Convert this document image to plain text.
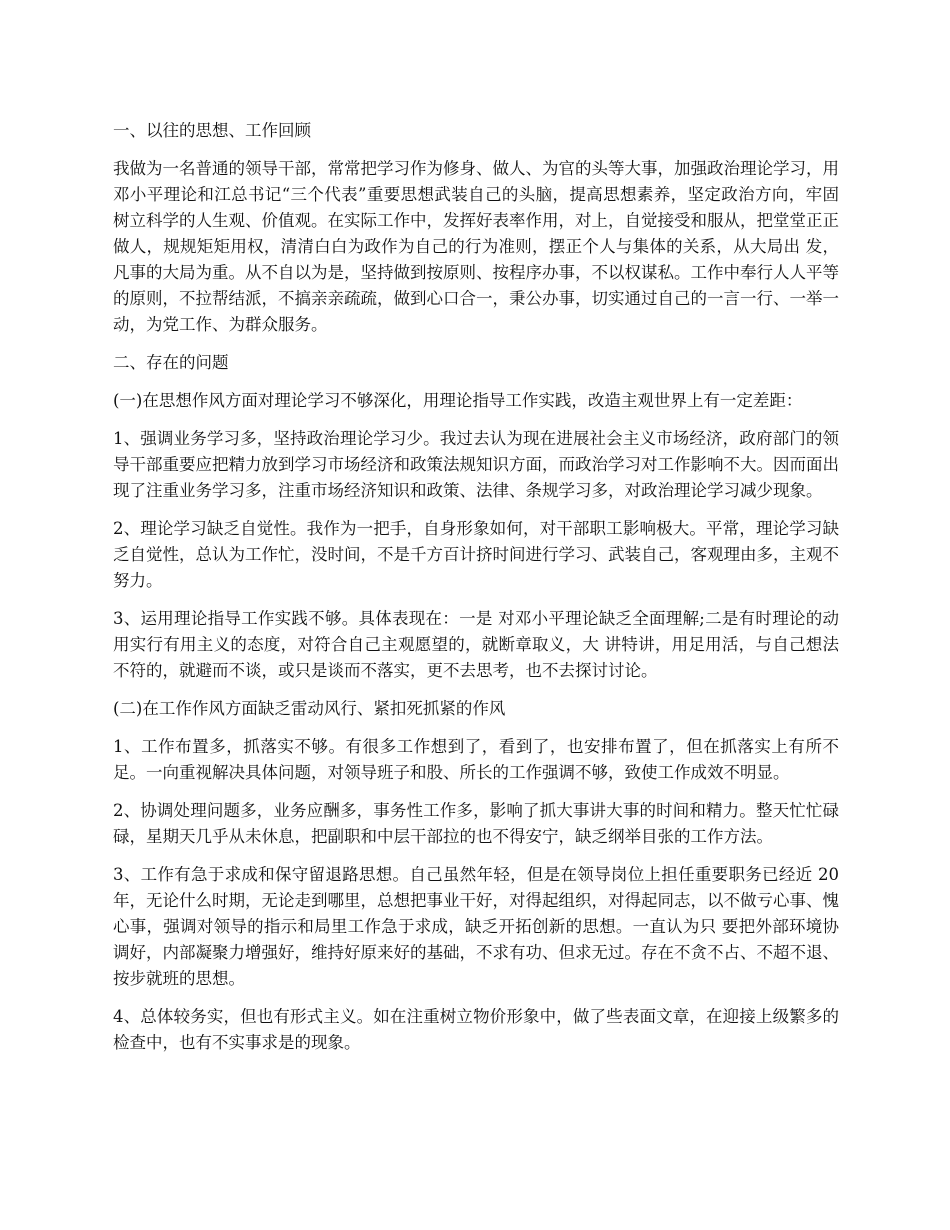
一、以往的思想、工作回顾

我做为一名普通的领导干部，常常把学习作为修身、做人、为官的头等大事，加强政治理论学习，用邓小平理论和江总书记“三个代表”重要思想武装自己的头脑，提高思想素养，坚定政治方向，牢固树立科学的人生观、价值观。在实际工作中，发挥好表率作用，对上，自觉接受和服从，把堂堂正正做人，规规矩矩用权，清清白白为政作为自己的行为准则，摆正个人与集体的关系，从大局出 发，凡事的大局为重。从不自以为是，坚持做到按原则、按程序办事，不以权谋私。工作中奉行人人平等的原则，不拉帮结派，不搞亲亲疏疏，做到心口合一，秉公办事，切实通过自己的一言一行、一举一动，为党工作、为群众服务。

二、存在的问题

(一)在思想作风方面对理论学习不够深化，用理论指导工作实践，改造主观世界上有一定差距：

1、强调业务学习多，坚持政治理论学习少。我过去认为现在进展社会主义市场经济，政府部门的领导干部重要应把精力放到学习市场经济和政策法规知识方面，而政治学习对工作影响不大。因而面出现了注重业务学习多，注重市场经济知识和政策、法律、条规学习多，对政治理论学习减少现象。

2、理论学习缺乏自觉性。我作为一把手，自身形象如何，对干部职工影响极大。平常，理论学习缺乏自觉性，总认为工作忙，没时间，不是千方百计挤时间进行学习、武装自己，客观理由多，主观不努力。

3、运用理论指导工作实践不够。具体表现在：一是 对邓小平理论缺乏全面理解;二是有时理论的动用实行有用主义的态度，对符合自己主观愿望的，就断章取义，大 讲特讲，用足用活，与自己想法不符的，就避而不谈，或只是谈而不落实，更不去思考，也不去探讨讨论。

(二)在工作作风方面缺乏雷动风行、紧扣死抓紧的作风

1、工作布置多，抓落实不够。有很多工作想到了，看到了，也安排布置了，但在抓落实上有所不足。一向重视解决具体问题，对领导班子和股、所长的工作强调不够，致使工作成效不明显。

2、协调处理问题多，业务应酬多，事务性工作多，影响了抓大事讲大事的时间和精力。整天忙忙碌碌，星期天几乎从未休息，把副职和中层干部拉的也不得安宁，缺乏纲举目张的工作方法。

3、工作有急于求成和保守留退路思想。自己虽然年轻，但是在领导岗位上担任重要职务已经近 20 年，无论什么时期，无论走到哪里，总想把事业干好，对得起组织，对得起同志，以不做亏心事、愧心事，强调对领导的指示和局里工作急于求成，缺乏开拓创新的思想。一直认为只 要把外部环境协调好，内部凝聚力增强好，维持好原来好的基础，不求有功、但求无过。存在不贪不占、不超不退、按步就班的思想。

4、总体较务实，但也有形式主义。如在注重树立物价形象中，做了些表面文章，在迎接上级繁多的检查中，也有不实事求是的现象。
